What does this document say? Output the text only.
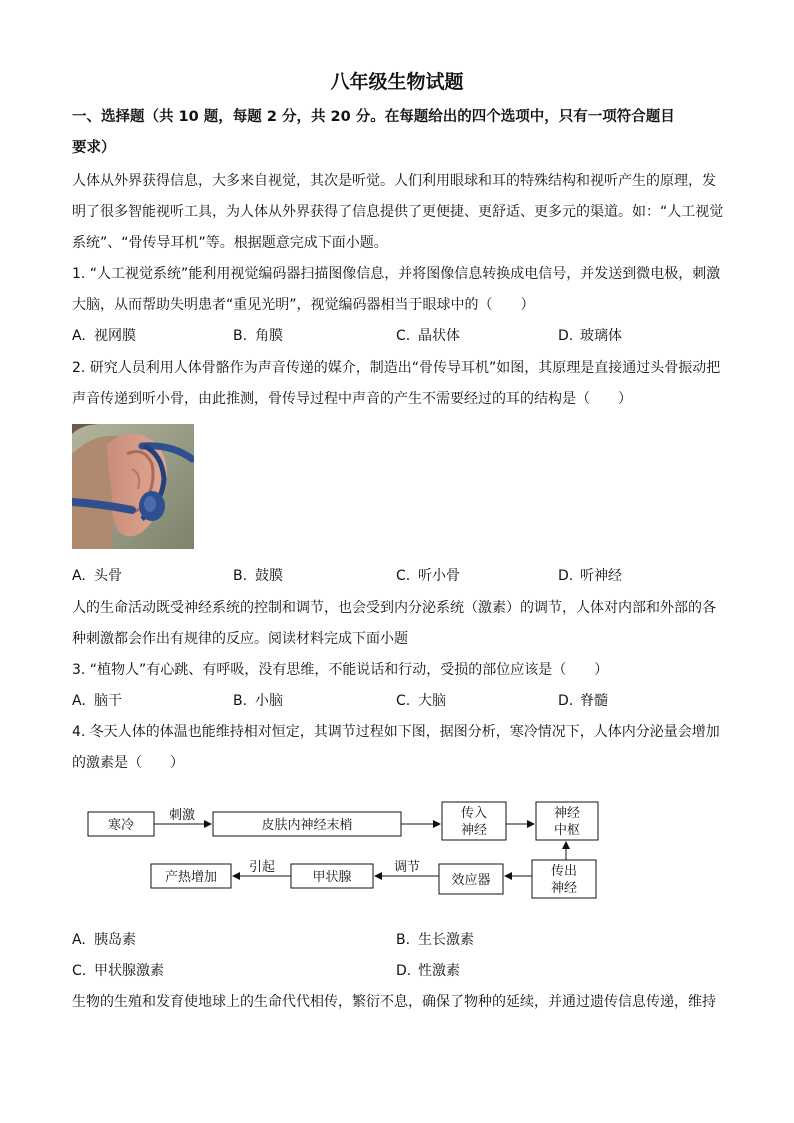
八年级生物试题
一、选择题（共 10 题，每题 2 分，共 20 分。在每题给出的四个选项中，只有一项符合题目
要求）
人体从外界获得信息，大多来自视觉，其次是听觉。人们利用眼球和耳的特殊结构和视听产生的原理，发
明了很多智能视听工具，为人体从外界获得了信息提供了更便捷、更舒适、更多元的渠道。如：“人工视觉
系统”、“骨传导耳机”等。根据题意完成下面小题。
1. “人工视觉系统”能利用视觉编码器扫描图像信息，并将图像信息转换成电信号，并发送到微电极，刺激
大脑，从而帮助失明患者“重见光明”，视觉编码器相当于眼球中的（　　）
A. 视网膜	B. 角膜	C. 晶状体	D. 玻璃体
2. 研究人员利用人体骨骼作为声音传递的媒介，制造出“骨传导耳机”如图，其原理是直接通过头骨振动把
声音传递到听小骨，由此推测，骨传导过程中声音的产生不需要经过的耳的结构是（　　）
A. 头骨	B. 鼓膜	C. 听小骨	D. 听神经
人的生命活动既受神经系统的控制和调节，也会受到内分泌系统（激素）的调节，人体对内部和外部的各
种刺激都会作出有规律的反应。阅读材料完成下面小题
3. “植物人”有心跳、有呼吸，没有思维，不能说话和行动，受损的部位应该是（　　）
A. 脑干	B. 小脑	C. 大脑	D. 脊髓
4. 冬天人体的体温也能维持相对恒定，其调节过程如下图，据图分析，寒冷情况下，人体内分泌量会增加
的激素是（　　）
寒冷
刺激
皮肤内神经末梢
传入
神经
神经
中枢
传出
神经
效应器
调节
甲状腺
引起
产热增加
A. 胰岛素	B. 生长激素
C. 甲状腺激素	D. 性激素
生物的生殖和发育使地球上的生命代代相传，繁衍不息，确保了物种的延续，并通过遗传信息传递，维持
